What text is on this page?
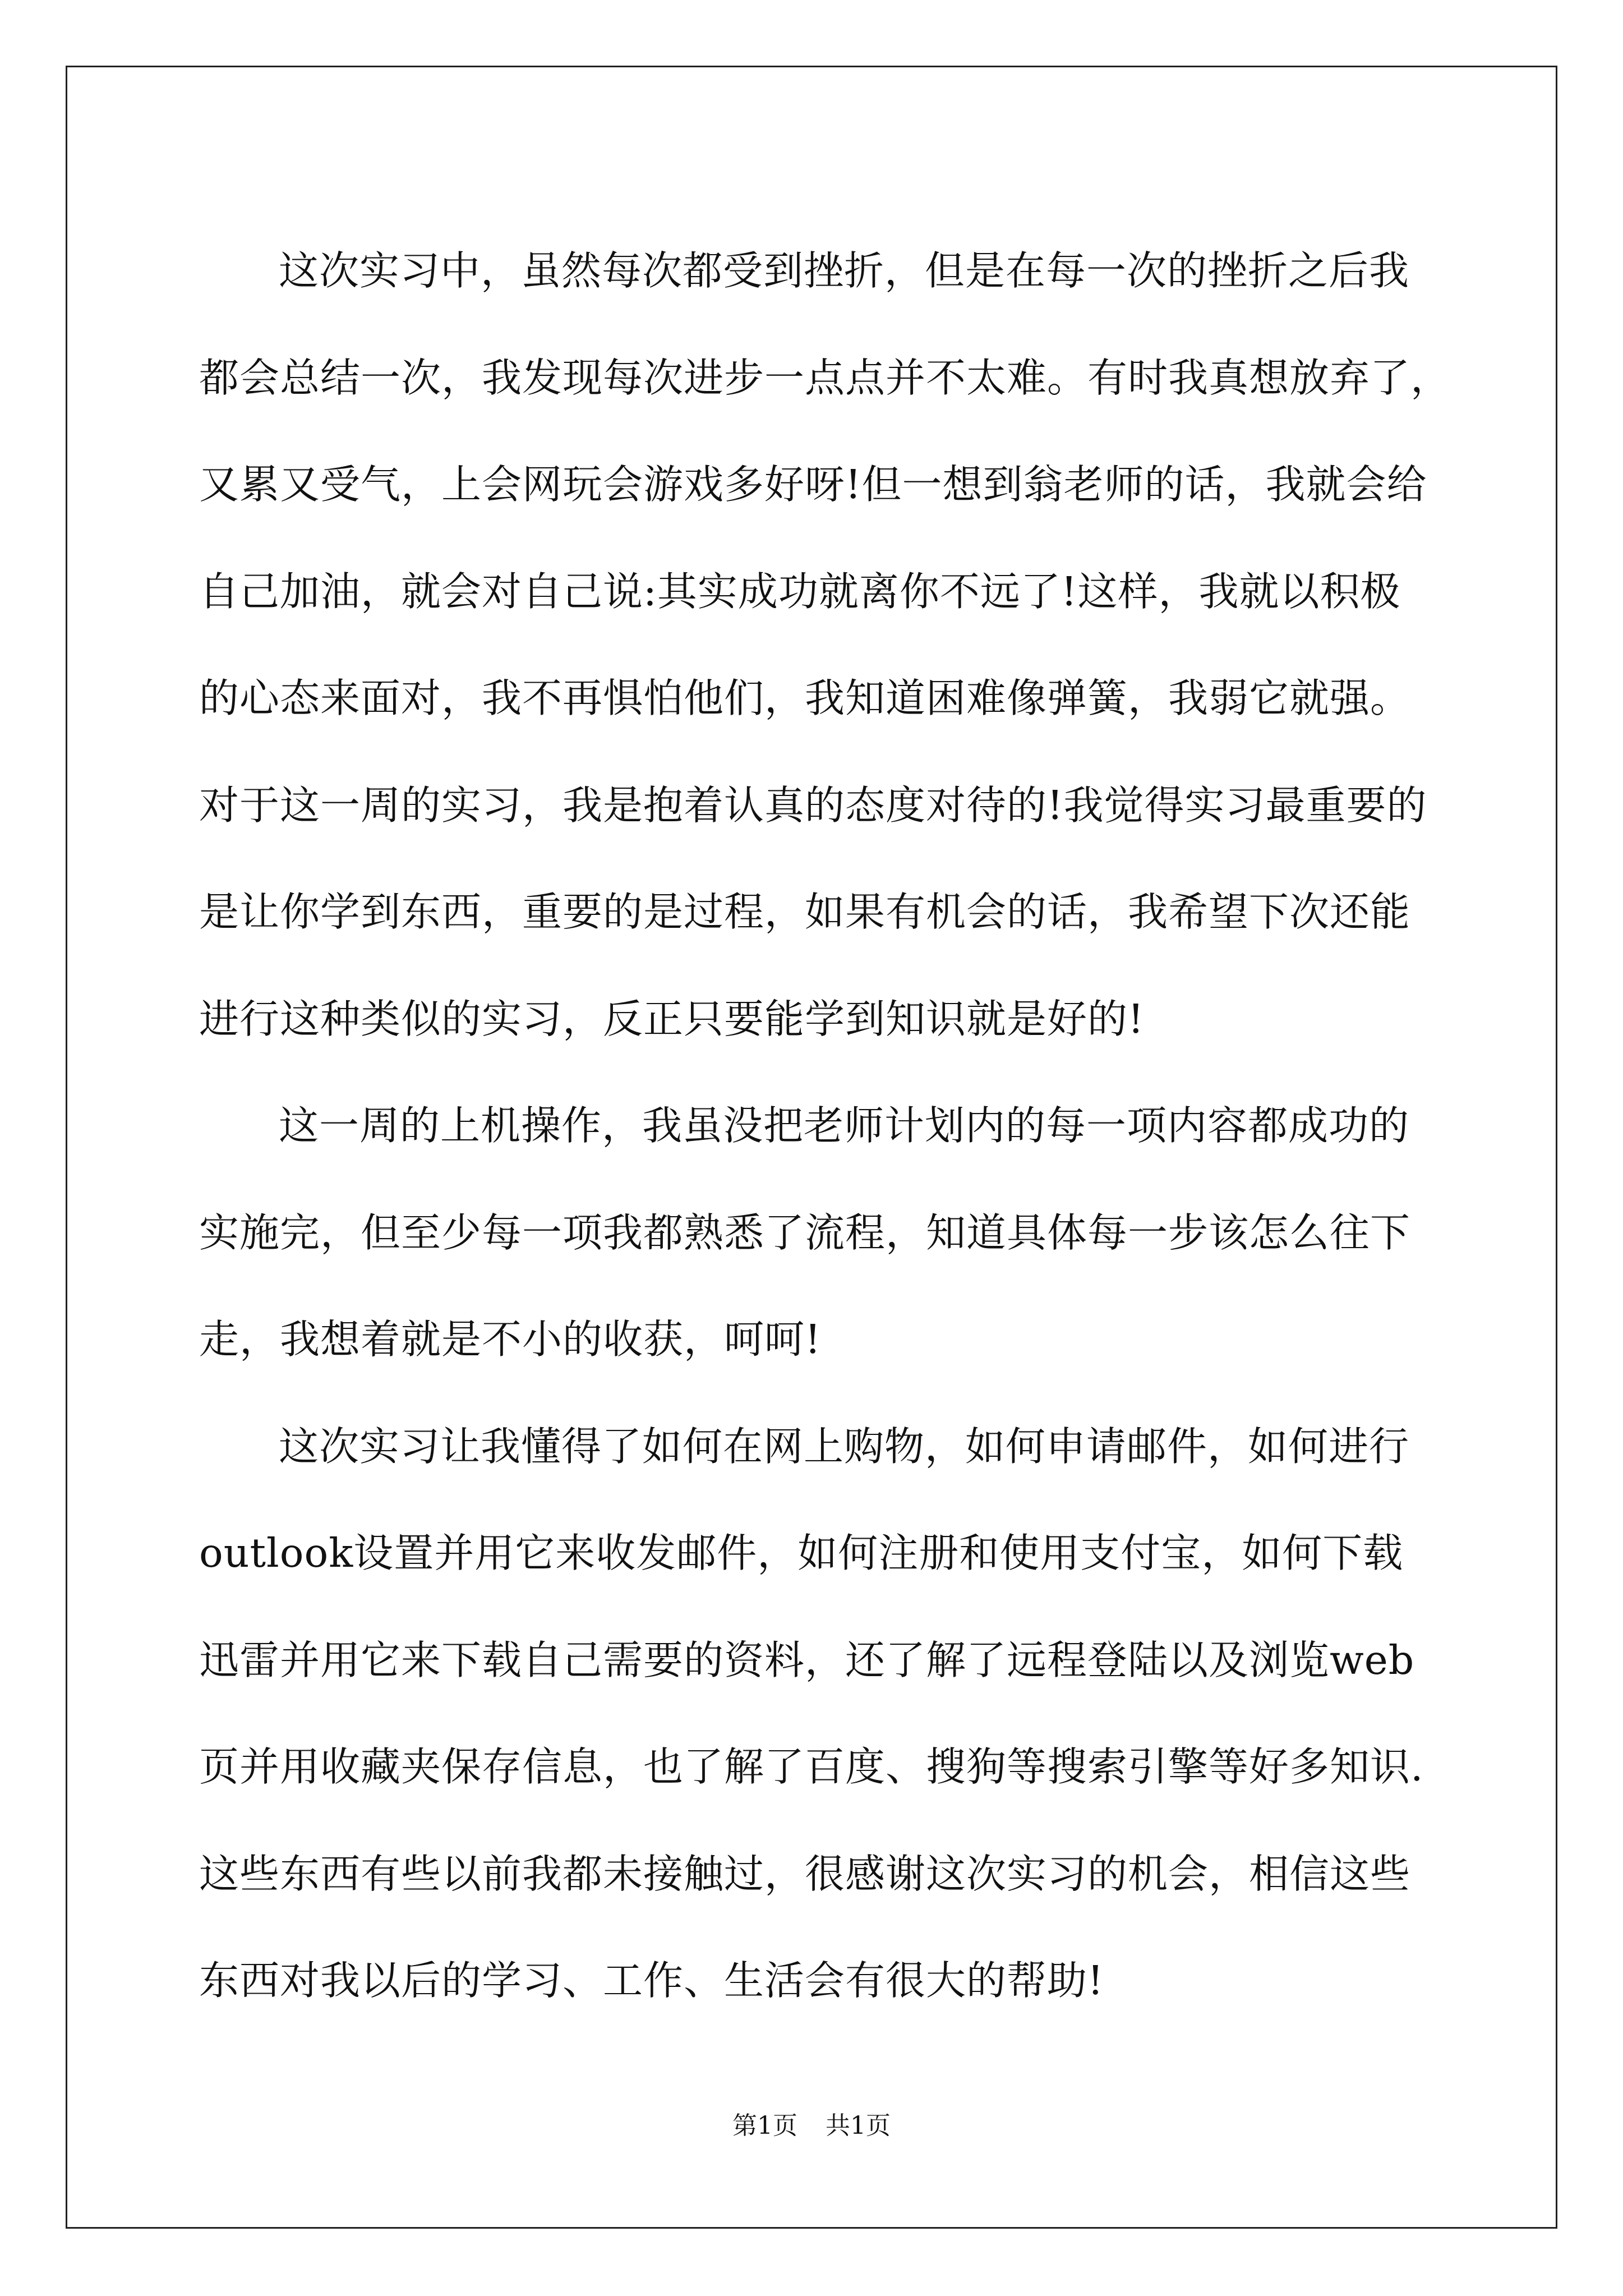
这次实习中，虽然每次都受到挫折，但是在每一次的挫折之后我
都会总结一次，我发现每次进步一点点并不太难。有时我真想放弃了，
又累又受气，上会网玩会游戏多好呀!但一想到翁老师的话，我就会给
自己加油，就会对自己说:其实成功就离你不远了!这样，我就以积极
的心态来面对，我不再惧怕他们，我知道困难像弹簧，我弱它就强。
对于这一周的实习，我是抱着认真的态度对待的!我觉得实习最重要的
是让你学到东西，重要的是过程，如果有机会的话，我希望下次还能
进行这种类似的实习，反正只要能学到知识就是好的!
这一周的上机操作，我虽没把老师计划内的每一项内容都成功的
实施完，但至少每一项我都熟悉了流程，知道具体每一步该怎么往下
走，我想着就是不小的收获，呵呵!
这次实习让我懂得了如何在网上购物，如何申请邮件，如何进行
outlook设置并用它来收发邮件，如何注册和使用支付宝，如何下载
迅雷并用它来下载自己需要的资料，还了解了远程登陆以及浏览web
页并用收藏夹保存信息，也了解了百度、搜狗等搜索引擎等好多知识.
这些东西有些以前我都未接触过，很感谢这次实习的机会，相信这些
东西对我以后的学习、工作、生活会有很大的帮助!
第1页 共1页
